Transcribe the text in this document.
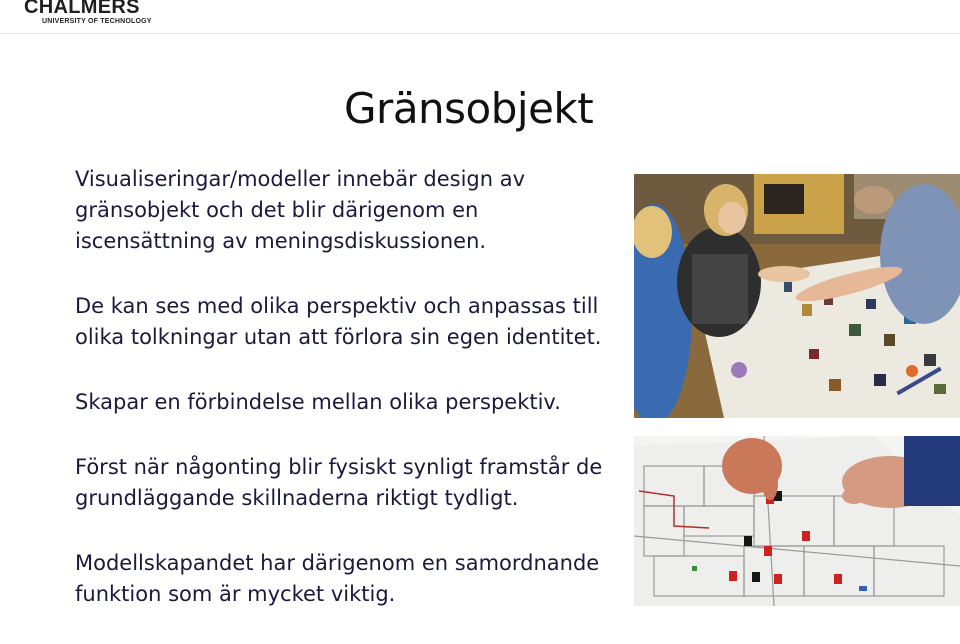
CHALMERS
UNIVERSITY OF TECHNOLOGY
Gränsobjekt

Visualiseringar/modeller innebär design av gränsobjekt och det blir därigenom en iscensättning av meningsdiskussionen.

De kan ses med olika perspektiv och anpassas till olika tolkningar utan att förlora sin egen identitet.

Skapar en förbindelse mellan olika perspektiv.

Först när någonting blir fysiskt synligt framstår de grundläggande skillnaderna riktigt tydligt.

Modellskapandet har därigenom en samordnande funktion som är mycket viktig.
